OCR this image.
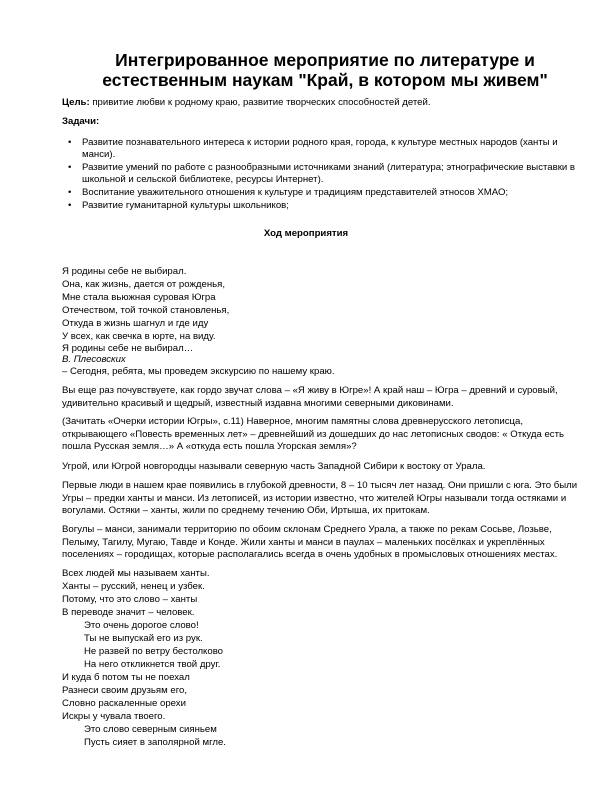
Интегрированное мероприятие по литературе и естественным наукам "Край, в котором мы живем"
Цель: привитие любви к родному краю, развитие творческих способностей детей.
Задачи:
• Развитие познавательного интереса к истории родного края, города, к культуре местных народов (ханты и манси).
• Развитие умений по работе с разнообразными источниками знаний (литература; этнографические выставки в школьной и сельской библиотеке, ресурсы Интернет).
• Воспитание уважительного отношения к культуре и традициям представителей этносов ХМАО;
• Развитие гуманитарной культуры школьников;
Ход мероприятия
Я родины себе не выбирал.
Она, как жизнь, дается от рожденья,
Мне стала вьюжная суровая Югра
Отечеством, той точкой становленья,
Откуда в жизнь шагнул и где иду
У всех, как свечка в юрте, на виду.
Я родины себе не выбирал…
В. Плесовских
– Сегодня, ребята, мы проведем экскурсию по нашему краю.
Вы еще раз почувствуете, как гордо звучат слова – «Я живу в Югре»! А край наш – Югра – древний и суровый, удивительно красивый и щедрый, известный издавна многими северными диковинами.
(Зачитать «Очерки истории Югры», с.11) Наверное, многим памятны слова древнерусского летописца, открывающего «Повесть временных лет» – древнейший из дошедших до нас летописных сводов: « Откуда есть пошла Русская земля…» А «откуда есть пошла Угорская земля»?
Угрой, или Югрой новгородцы называли северную часть Западной Сибири к востоку от Урала.
Первые люди в нашем крае появились в глубокой древности, 8 – 10 тысяч лет назад. Они пришли с юга. Это были Угры – предки ханты и манси. Из летописей, из истории известно, что жителей Югры называли тогда остяками и вогулами. Остяки – ханты, жили по среднему течению Оби, Иртыша, их притокам.
Вогулы – манси, занимали территорию по обоим склонам Среднего Урала, а также по рекам Сосьве, Лозьве, Пелыму, Тагилу, Мугаю, Тавде и Конде. Жили ханты и манси в паулах – маленьких посёлках и укреплённых поселениях – городищах, которые располагались всегда в очень удобных в промысловых отношениях местах.
Всех людей мы называем ханты.
Ханты – русский, ненец и узбек.
Потому, что это слово – ханты
В переводе значит – человек.
Это очень дорогое слово!
Ты не выпускай его из рук.
Не развей по ветру бестолково
На него откликнется твой друг.
И куда б потом ты не поехал
Разнеси своим друзьям его,
Словно раскаленные орехи
Искры у чувала твоего.
Это слово северным сияньем
Пусть сияет в заполярной мгле.
